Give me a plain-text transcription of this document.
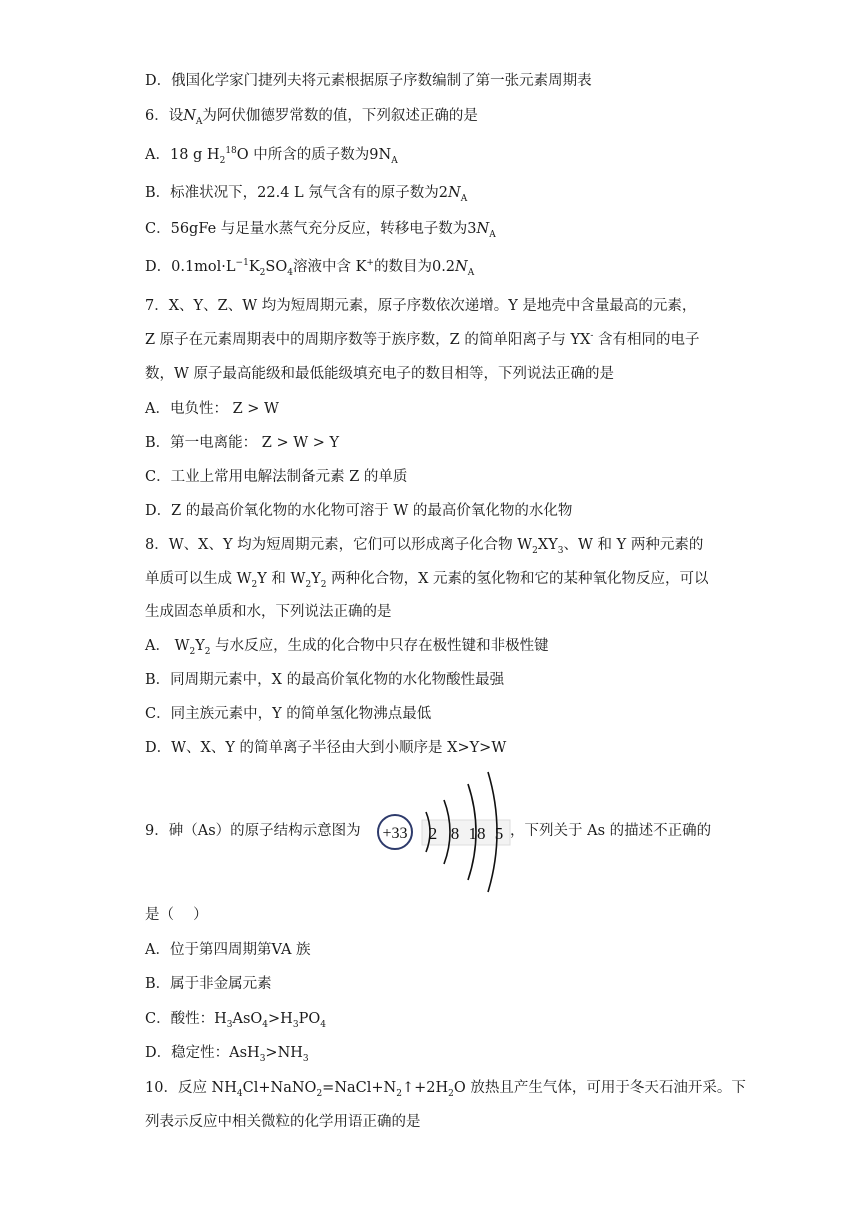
D．俄国化学家门捷列夫将元素根据原子序数编制了第一张元素周期表
6．设$N_A$为阿伏伽德罗常数的值，下列叙述正确的是
A．18 g $H_2^{18}O$ 中所含的质子数为$9N_A$
B．标准状况下，22.4 L 氖气含有的原子数为$2N_A$
C．56gFe 与足量水蒸气充分反应，转移电子数为$3N_A$
D．$0.1mol\cdot L^{-1}K_2SO_4$溶液中含 K+的数目为$0.2N_A$
7．X、Y、Z、W 均为短周期元素，原子序数依次递增。Y 是地壳中含量最高的元素，
Z 原子在元素周期表中的周期序数等于族序数，Z 的简单阳离子与 YX- 含有相同的电子
数，W 原子最高能级和最低能级填充电子的数目相等，下列说法正确的是
A．电负性： Z > W
B．第一电离能： Z > W > Y
C．工业上常用电解法制备元素 Z 的单质
D．Z 的最高价氧化物的水化物可溶于 W 的最高价氧化物的水化物
8．W、X、Y 均为短周期元素，它们可以形成离子化合物 $W_2XY_3$、W 和 Y 两种元素的
单质可以生成 $W_2Y$ 和 $W_2Y_2$ 两种化合物，X 元素的氢化物和它的某种氧化物反应，可以
生成固态单质和水，下列说法正确的是
A． $W_2Y_2$ 与水反应，生成的化合物中只存在极性键和非极性键
B．同周期元素中，X 的最高价氧化物的水化物酸性最强
C．同主族元素中，Y 的简单氢化物沸点最低
D．W、X、Y 的简单离子半径由大到小顺序是 X>Y>W
9．砷（As）的原子结构示意图为 +33 2 8 18 5 ，下列关于 As 的描述不正确的
是（　 ）
A．位于第四周期第VA 族
B．属于非金属元素
C．酸性：$H_3AsO_4>H_3PO_4$
D．稳定性：$AsH_3>NH_3$
10．反应 $NH_4Cl+NaNO_2=NaCl+N_2↑+2H_2O$ 放热且产生气体，可用于冬天石油开采。下
列表示反应中相关微粒的化学用语正确的是
